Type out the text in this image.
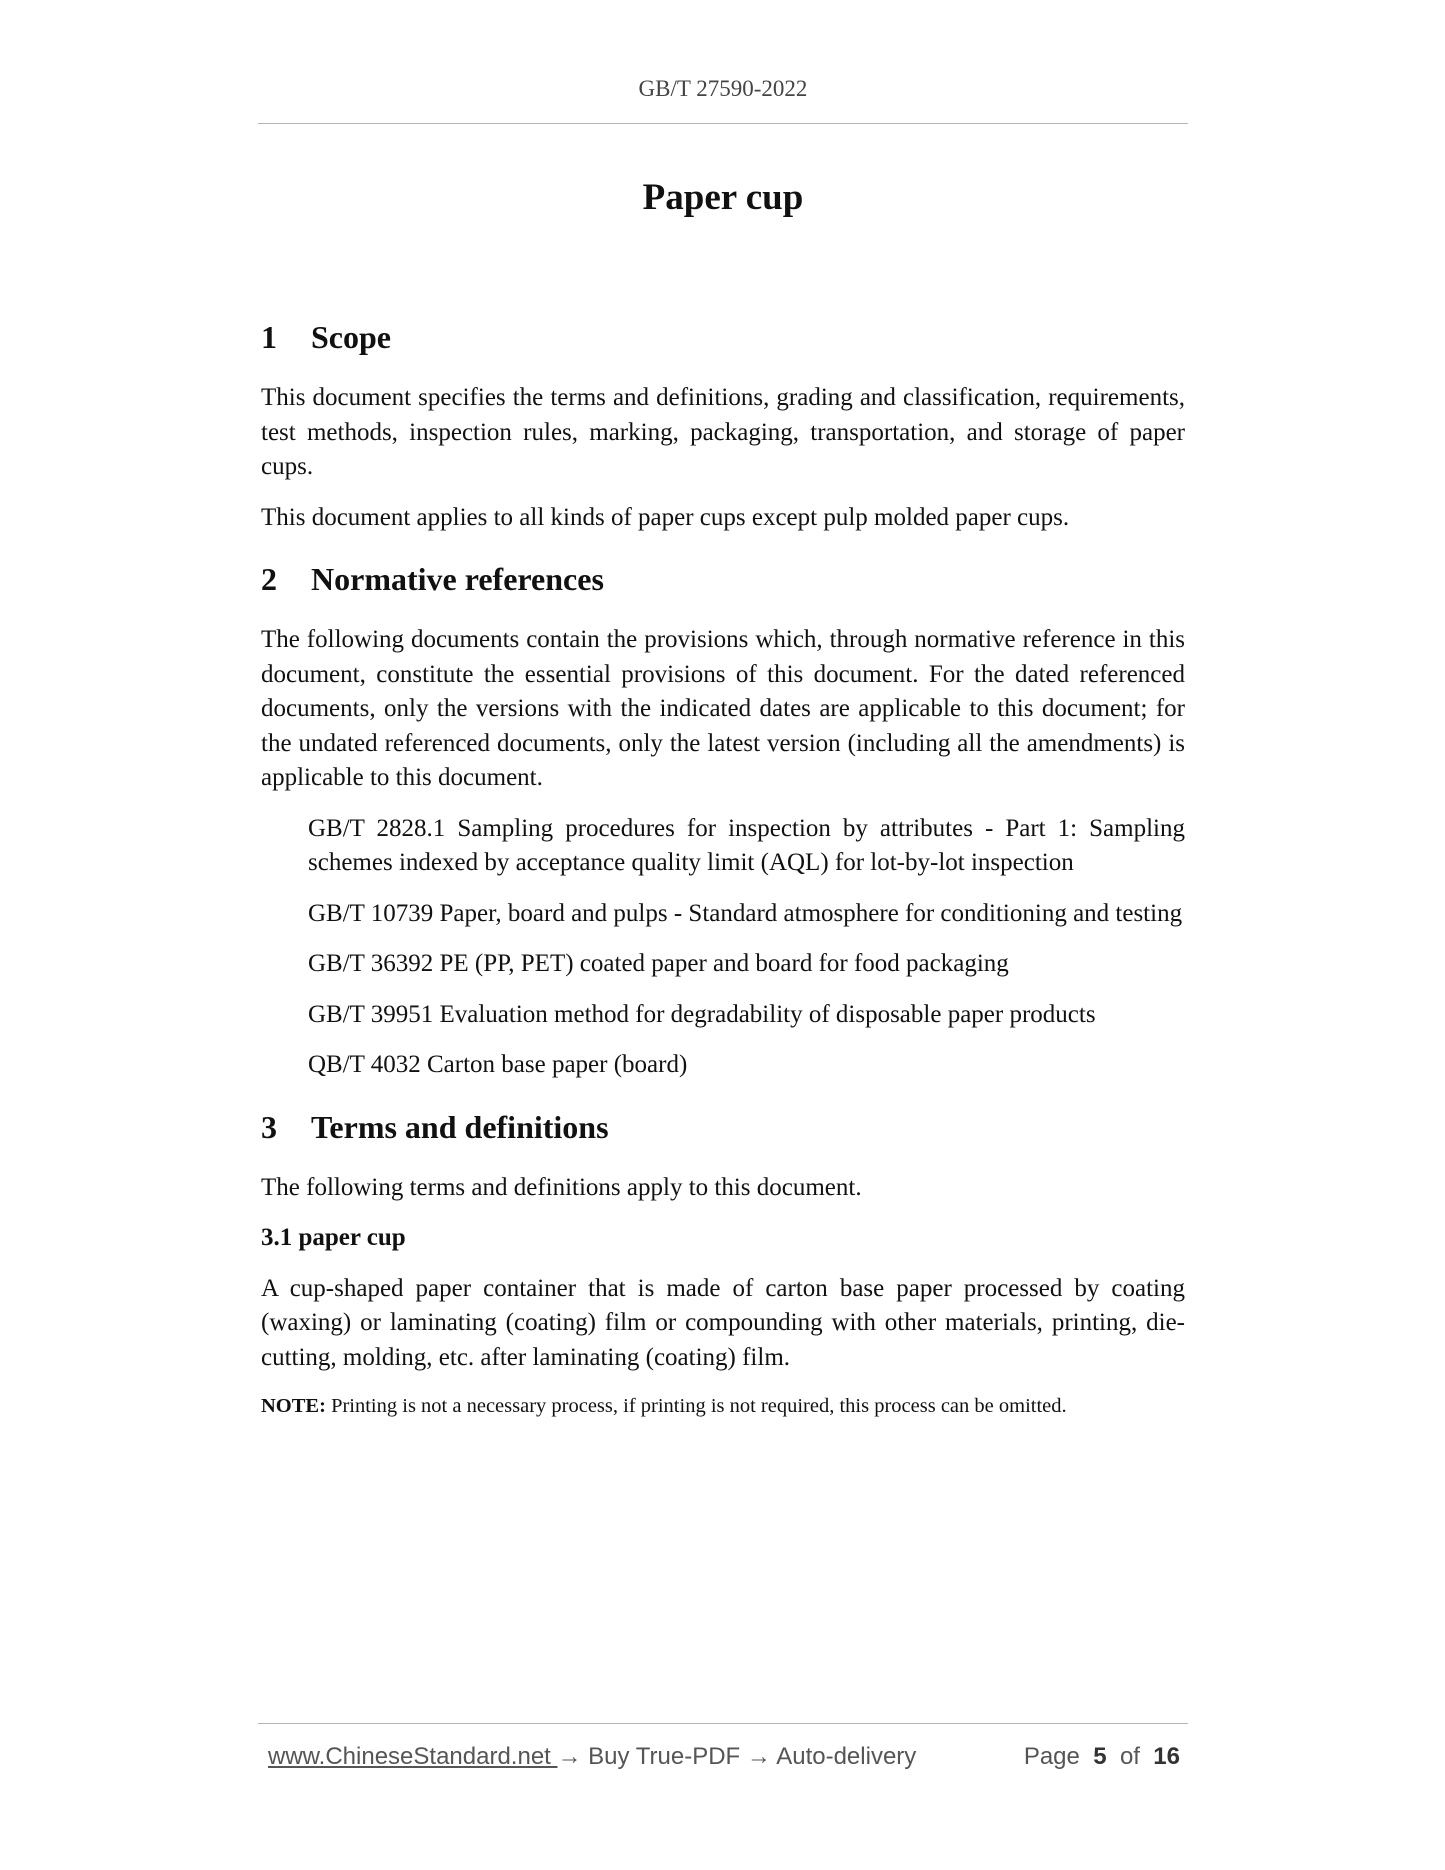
GB/T 27590-2022
Paper cup
1 Scope

This document specifies the terms and definitions, grading and classification, requirements, test methods, inspection rules, marking, packaging, transportation, and storage of paper cups.

This document applies to all kinds of paper cups except pulp molded paper cups.

2 Normative references

The following documents contain the provisions which, through normative reference in this document, constitute the essential provisions of this document. For the dated referenced documents, only the versions with the indicated dates are applicable to this document; for the undated referenced documents, only the latest version (including all the amendments) is applicable to this document.

GB/T 2828.1 Sampling procedures for inspection by attributes - Part 1: Sampling schemes indexed by acceptance quality limit (AQL) for lot-by-lot inspection

GB/T 10739 Paper, board and pulps - Standard atmosphere for conditioning and testing

GB/T 36392 PE (PP, PET) coated paper and board for food packaging

GB/T 39951 Evaluation method for degradability of disposable paper products

QB/T 4032 Carton base paper (board)

3 Terms and definitions

The following terms and definitions apply to this document.

3.1 paper cup

A cup-shaped paper container that is made of carton base paper processed by coating (waxing) or laminating (coating) film or compounding with other materials, printing, die-cutting, molding, etc. after laminating (coating) film.

NOTE: Printing is not a necessary process, if printing is not required, this process can be omitted.

www.ChineseStandard.net → Buy True-PDF → Auto-delivery	Page 5 of 16
